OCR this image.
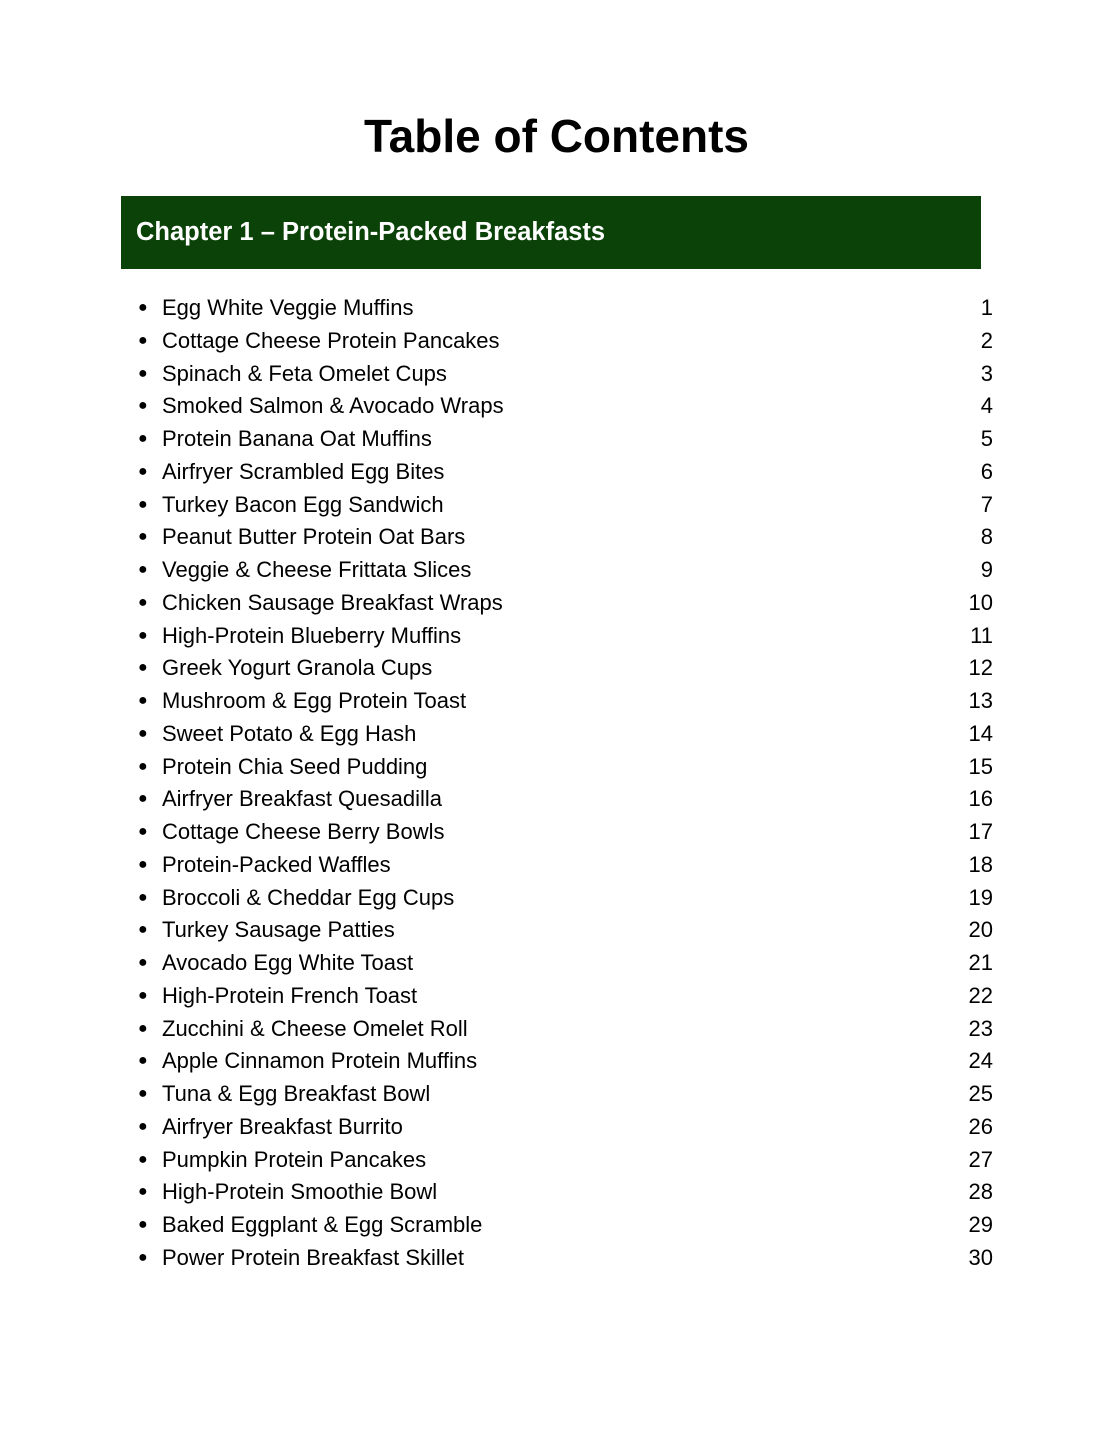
Table of Contents
Chapter 1 – Protein-Packed Breakfasts
● Egg White Veggie Muffins	1
● Cottage Cheese Protein Pancakes	2
● Spinach & Feta Omelet Cups	3
● Smoked Salmon & Avocado Wraps	4
● Protein Banana Oat Muffins	5
● Airfryer Scrambled Egg Bites	6
● Turkey Bacon Egg Sandwich	7
● Peanut Butter Protein Oat Bars	8
● Veggie & Cheese Frittata Slices	9
● Chicken Sausage Breakfast Wraps	10
● High-Protein Blueberry Muffins	11
● Greek Yogurt Granola Cups	12
● Mushroom & Egg Protein Toast	13
● Sweet Potato & Egg Hash	14
● Protein Chia Seed Pudding	15
● Airfryer Breakfast Quesadilla	16
● Cottage Cheese Berry Bowls	17
● Protein-Packed Waffles	18
● Broccoli & Cheddar Egg Cups	19
● Turkey Sausage Patties	20
● Avocado Egg White Toast	21
● High-Protein French Toast	22
● Zucchini & Cheese Omelet Roll	23
● Apple Cinnamon Protein Muffins	24
● Tuna & Egg Breakfast Bowl	25
● Airfryer Breakfast Burrito	26
● Pumpkin Protein Pancakes	27
● High-Protein Smoothie Bowl	28
● Baked Eggplant & Egg Scramble	29
● Power Protein Breakfast Skillet	30
